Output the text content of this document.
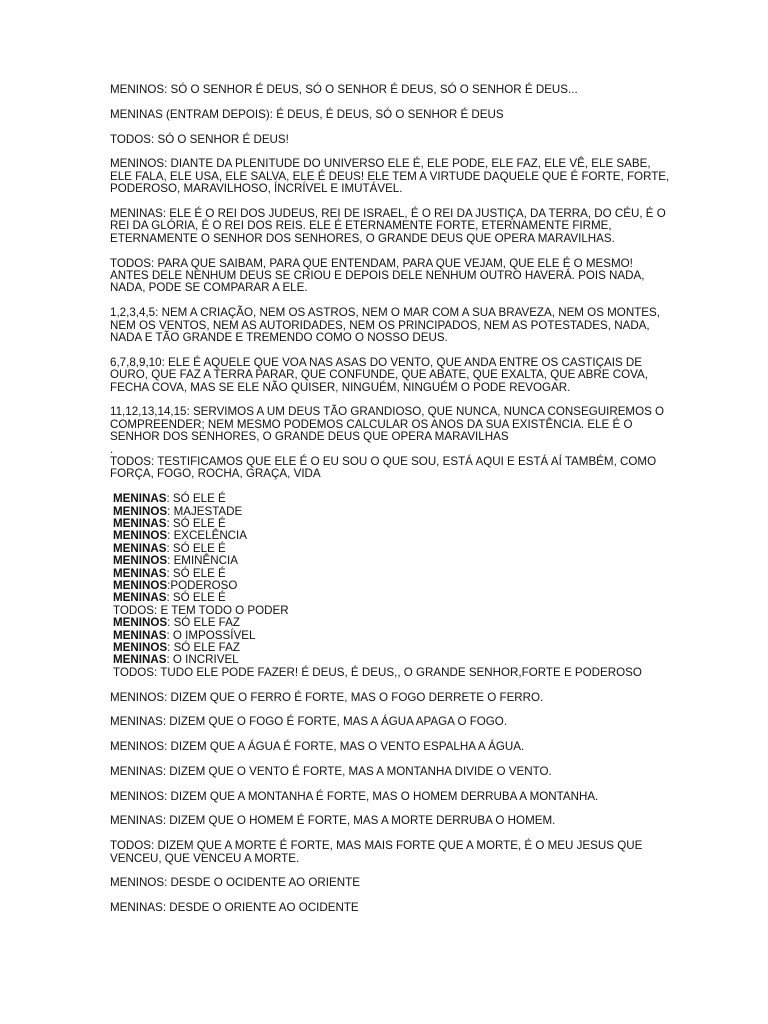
MENINOS: SÓ O SENHOR É DEUS, SÓ O SENHOR É DEUS, SÓ O SENHOR É DEUS...

MENINAS (ENTRAM DEPOIS): É DEUS, É DEUS, SÓ O SENHOR É DEUS

TODOS: SÓ O SENHOR É DEUS!

MENINOS: DIANTE DA PLENITUDE DO UNIVERSO ELE É, ELE PODE, ELE FAZ, ELE VÊ, ELE SABE, ELE FALA, ELE USA, ELE SALVA, ELE É DEUS! ELE TEM A VIRTUDE DAQUELE QUE É FORTE, FORTE, PODEROSO, MARAVILHOSO, ÍNCRÍVEL E IMUTÁVEL.

MENINAS: ELE É O REI DOS JUDEUS, REI DE ISRAEL, É O REI DA JUSTIÇA, DA TERRA, DO CÉU, É O REI DA GLÓRIA, É O REI DOS REIS. ELE É ETERNAMENTE FORTE, ETERNAMENTE FIRME, ETERNAMENTE O SENHOR DOS SENHORES, O GRANDE DEUS QUE OPERA MARAVILHAS.

TODOS: PARA QUE SAIBAM, PARA QUE ENTENDAM, PARA QUE VEJAM, QUE ELE É O MESMO! ANTES DELE NENHUM DEUS SE CRIOU E DEPOIS DELE NENHUM OUTRO HAVERÁ. POIS NADA, NADA, PODE SE COMPARAR A ELE.

1,2,3,4,5: NEM A CRIAÇÃO, NEM OS ASTROS, NEM O MAR COM A SUA BRAVEZA, NEM OS MONTES, NEM OS VENTOS, NEM AS AUTORIDADES, NEM OS PRINCIPADOS, NEM AS POTESTADES, NADA, NADA E TÃO GRANDE E TREMENDO COMO O NOSSO DEUS.

6,7,8,9,10: ELE É AQUELE QUE VOA NAS ASAS DO VENTO, QUE ANDA ENTRE OS CASTIÇAIS DE OURO, QUE FAZ A TERRA PARAR, QUE CONFUNDE, QUE ABATE, QUE EXALTA, QUE ABRE COVA, FECHA COVA, MAS SE ELE NÃO QUISER, NINGUÉM, NINGUÉM O PODE REVOGAR.

11,12,13,14,15: SERVIMOS A UM DEUS TÃO GRANDIOSO, QUE NUNCA, NUNCA CONSEGUIREMOS O COMPREENDER; NEM MESMO PODEMOS CALCULAR OS ANOS DA SUA EXISTÊNCIA. ELE É O SENHOR DOS SENHORES, O GRANDE DEUS QUE OPERA MARAVILHAS

.

TODOS: TESTIFICAMOS QUE ELE É O EU SOU O QUE SOU, ESTÁ AQUI E ESTÁ AÍ TAMBÉM, COMO FORÇA, FOGO, ROCHA, GRAÇA, VIDA

MENINAS: SÓ ELE É
MENINOS: MAJESTADE
MENINAS: SÓ ELE É
MENINOS: EXCELÊNCIA
MENINAS: SÓ ELE É
MENINOS: EMINÊNCIA
MENINAS: SÓ ELE É
MENINOS:PODEROSO
MENINAS: SÓ ELE É
TODOS: E TEM TODO O PODER
MENINOS: SÓ ELE FAZ
MENINAS: O IMPOSSÍVEL
MENINOS: SÓ ELE FAZ
MENINAS: O INCRIVEL
TODOS: TUDO ELE PODE FAZER! É DEUS, É DEUS,, O GRANDE SENHOR,FORTE E PODEROSO

MENINOS: DIZEM QUE O FERRO É FORTE, MAS O FOGO DERRETE O FERRO.

MENINAS: DIZEM QUE O FOGO É FORTE, MAS A ÁGUA APAGA O FOGO.

MENINOS: DIZEM QUE A ÁGUA É FORTE, MAS O VENTO ESPALHA A ÁGUA.

MENINAS: DIZEM QUE O VENTO É FORTE, MAS A MONTANHA DIVIDE O VENTO.

MENINOS: DIZEM QUE A MONTANHA É FORTE, MAS O HOMEM DERRUBA A MONTANHA.

MENINAS: DIZEM QUE O HOMEM É FORTE, MAS A MORTE DERRUBA O HOMEM.

TODOS: DIZEM QUE A MORTE É FORTE, MAS MAIS FORTE QUE A MORTE, É O MEU JESUS QUE VENCEU, QUE VENCEU A MORTE.

MENINOS: DESDE O OCIDENTE AO ORIENTE

MENINAS: DESDE O ORIENTE AO OCIDENTE
